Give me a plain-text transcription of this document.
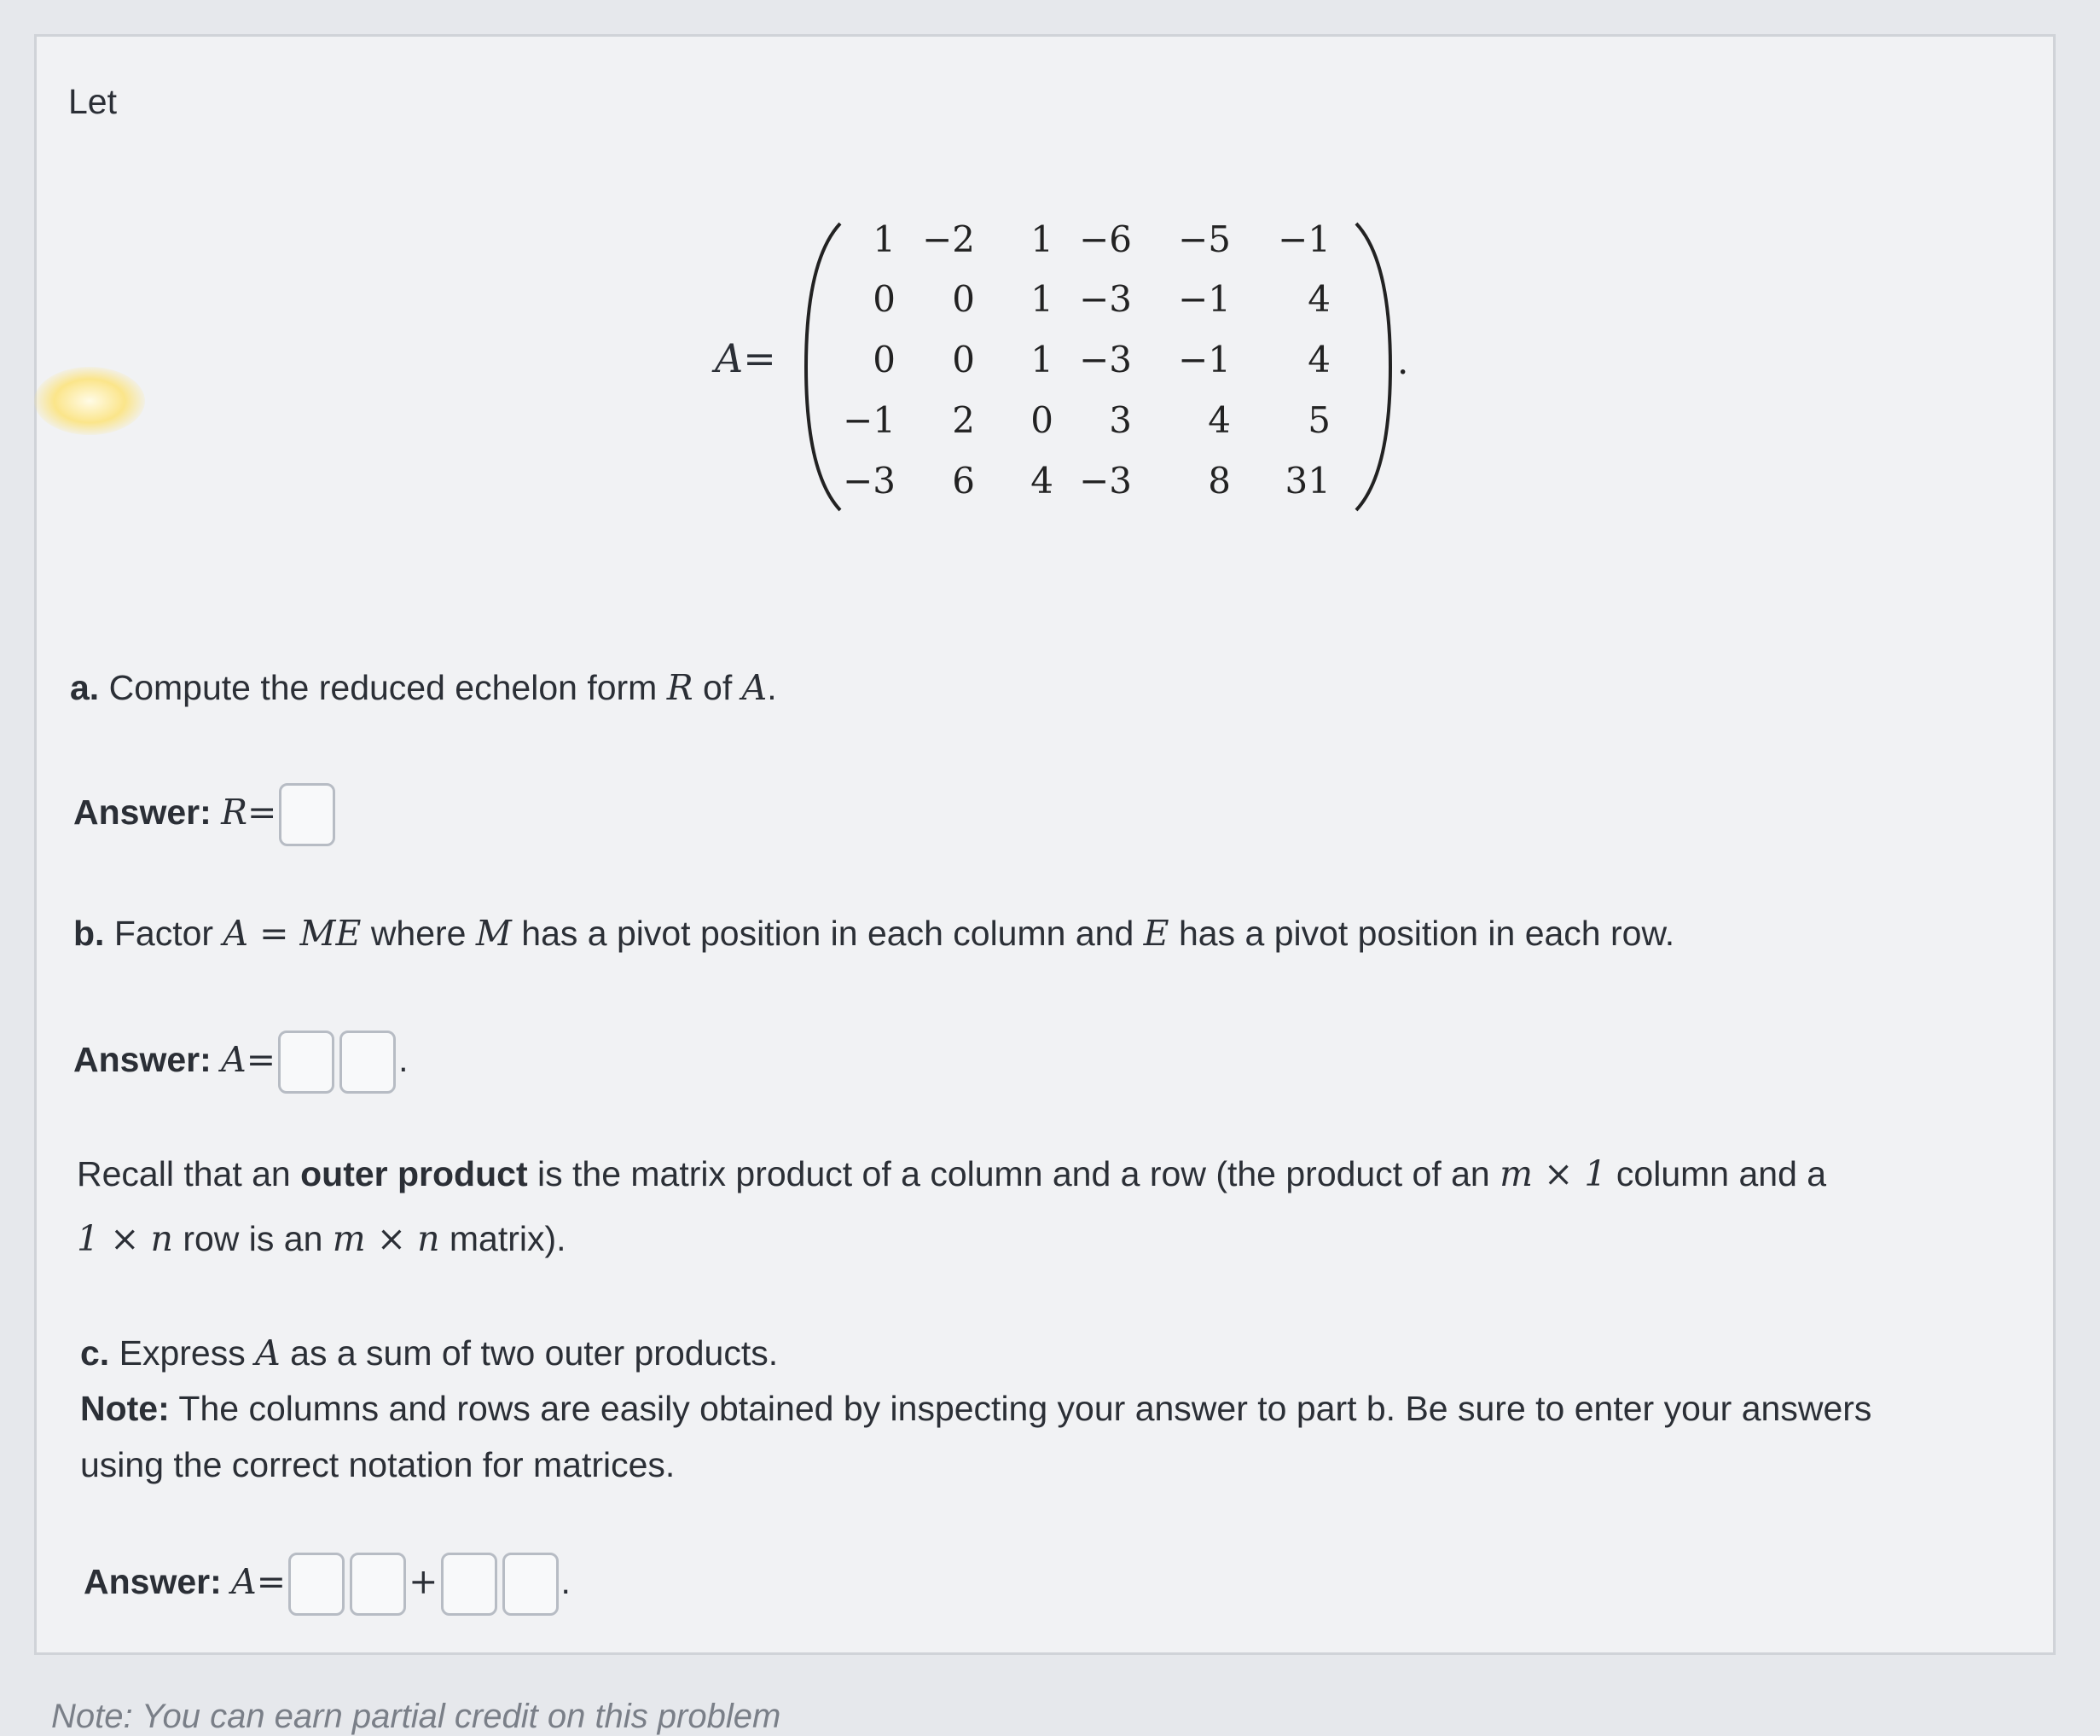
Let
A=
1 −2 1 −6 −5 −1
0 0 1 −3 −1 4
0 0 1 −3 −1 4
−1 2 0 3 4 5
−3 6 4 −3 8 31
.
a. Compute the reduced echelon form R of A.
Answer: R=
b. Factor A = ME where M has a pivot position in each column and E has a pivot position in each row.
Answer: A=	.
Recall that an outer product is the matrix product of a column and a row (the product of an m × 1 column and a
1 × n row is an m × n matrix).
c. Express A as a sum of two outer products.
Note: The columns and rows are easily obtained by inspecting your answer to part b. Be sure to enter your answers
using the correct notation for matrices.
Answer: A=	+	.
Note: You can earn partial credit on this problem
